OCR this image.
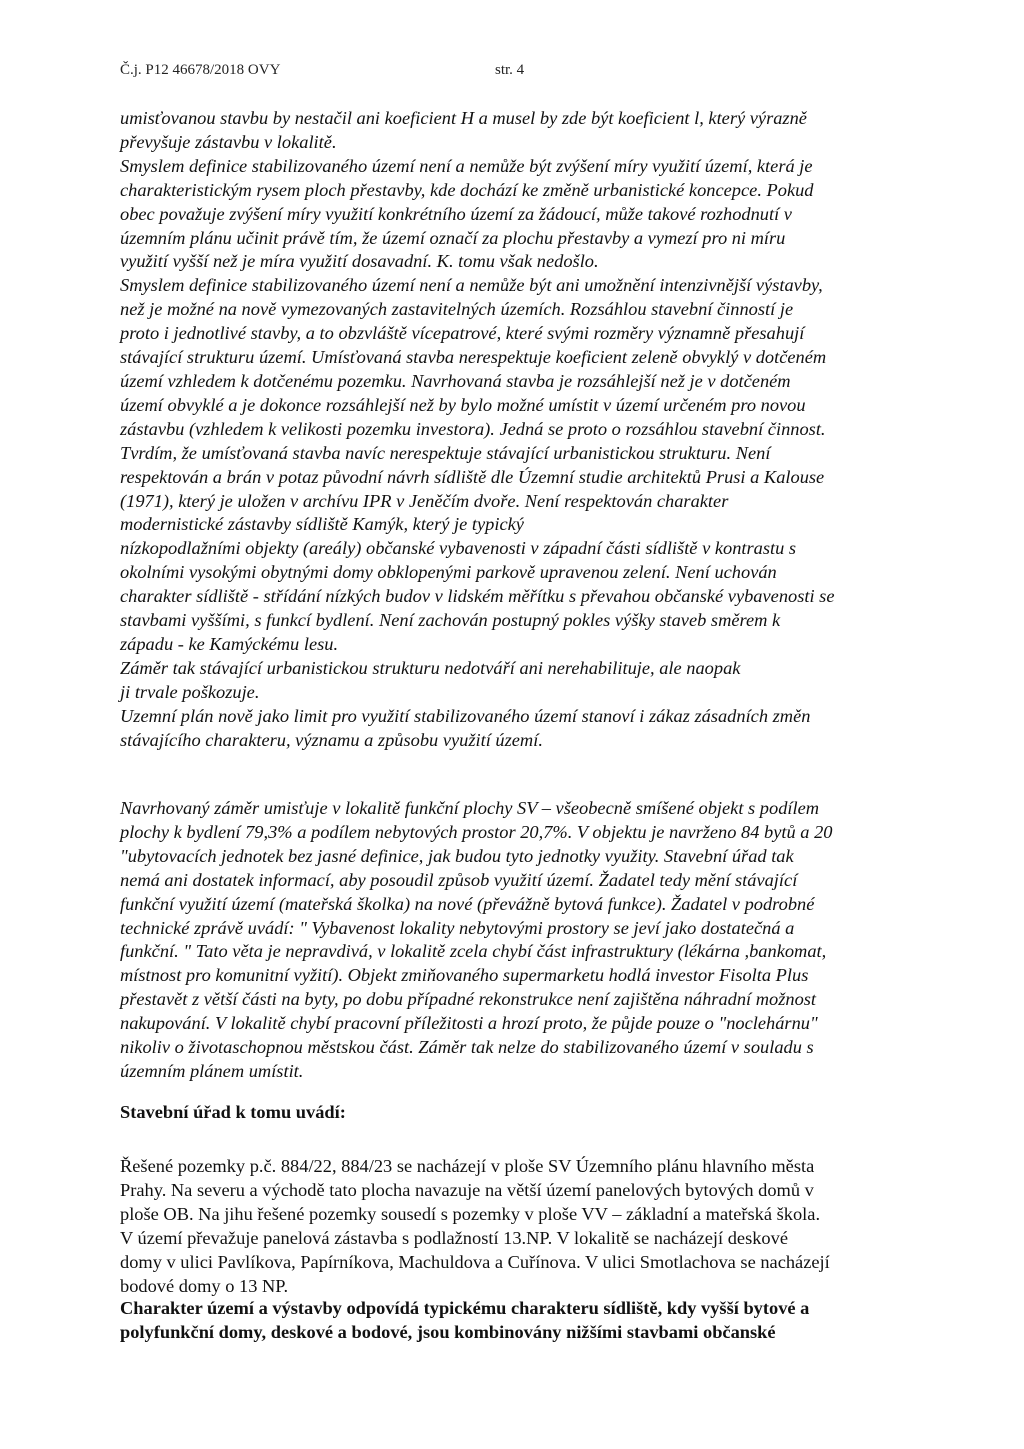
Č.j. P12 46678/2018 OVY	str. 4
umisťovanou stavbu by nestačil ani koeficient H a musel by zde být koeficient l, který výrazně
převyšuje zástavbu v lokalitě.
Smyslem definice stabilizovaného území není a nemůže být zvýšení míry využití území, která je
charakteristickým rysem ploch přestavby, kde dochází ke změně urbanistické koncepce. Pokud
obec považuje zvýšení míry využití konkrétního území za žádoucí, může takové rozhodnutí v
územním plánu učinit právě tím, že území označí za plochu přestavby a vymezí pro ni míru
využití vyšší než je míra využití dosavadní. K. tomu však nedošlo.
Smyslem definice stabilizovaného území není a nemůže být ani umožnění intenzivnější výstavby,
než je možné na nově vymezovaných zastavitelných územích. Rozsáhlou stavební činností je
proto i jednotlivé stavby, a to obzvláště vícepatrové, které svými rozměry významně přesahují
stávající strukturu území. Umísťovaná stavba nerespektuje koeficient zeleně obvyklý v dotčeném
území vzhledem k dotčenému pozemku. Navrhovaná stavba je rozsáhlejší než je v dotčeném
území obvyklé a je dokonce rozsáhlejší než by bylo možné umístit v území určeném pro novou
zástavbu (vzhledem k velikosti pozemku investora). Jedná se proto o rozsáhlou stavební činnost.
Tvrdím, že umísťovaná stavba navíc nerespektuje stávající urbanistickou strukturu. Není
respektován a brán v potaz původní návrh sídliště dle Územní studie architektů Prusi a Kalouse
(1971), který je uložen v archívu IPR v Jeněčím dvoře. Není respektován charakter
modernistické zástavby sídliště Kamýk, který je typický
nízkopodlažními objekty (areály) občanské vybavenosti v západní části sídliště v kontrastu s
okolními vysokými obytnými domy obklopenými parkově upravenou zelení. Není uchován
charakter sídliště - střídání nízkých budov v lidském měřítku s převahou občanské vybavenosti se
stavbami vyššími, s funkcí bydlení. Není zachován postupný pokles výšky staveb směrem k
západu - ke Kamýckému lesu.
Záměr tak stávající urbanistickou strukturu nedotváří ani nerehabilituje, ale naopak
ji trvale poškozuje.
Uzemní plán nově jako limit pro využití stabilizovaného území stanoví i zákaz zásadních změn
stávajícího charakteru, významu a způsobu využití území.
Navrhovaný záměr umisťuje v lokalitě funkční plochy SV – všeobecně smíšené objekt s podílem
plochy k bydlení 79,3% a podílem nebytových prostor 20,7%. V objektu je navrženo 84 bytů a 20
"ubytovacích jednotek bez jasné definice, jak budou tyto jednotky využity. Stavební úřad tak
nemá ani dostatek informací, aby posoudil způsob využití území. Žadatel tedy mění stávající
funkční využití území (mateřská školka) na nové (převážně bytová funkce). Žadatel v podrobné
technické zprávě uvádí: " Vybavenost lokality nebytovými prostory se jeví jako dostatečná a
funkční. " Tato věta je nepravdivá, v lokalitě zcela chybí část infrastruktury (lékárna ,bankomat,
místnost pro komunitní vyžití). Objekt zmiňovaného supermarketu hodlá investor Fisolta Plus
přestavět z větší části na byty, po dobu případné rekonstrukce není zajištěna náhradní možnost
nakupování. V lokalitě chybí pracovní příležitosti a hrozí proto, že půjde pouze o "noclehárnu"
nikoliv o životaschopnou městskou část. Záměr tak nelze do stabilizovaného území v souladu s
územním plánem umístit.
Stavební úřad k tomu uvádí:
Řešené pozemky p.č. 884/22, 884/23 se nacházejí v ploše SV Územního plánu hlavního města
Prahy. Na severu a východě tato plocha navazuje na větší území panelových bytových domů v
ploše OB. Na jihu řešené pozemky sousedí s pozemky v ploše VV – základní a mateřská škola.
V území převažuje panelová zástavba s podlažností 13.NP. V lokalitě se nacházejí deskové
domy v ulici Pavlíkova, Papírníkova, Machuldova a Cuřínova. V ulici Smotlachova se nacházejí
bodové domy o 13 NP.
Charakter území a výstavby odpovídá typickému charakteru sídliště, kdy vyšší bytové a
polyfunkční domy, deskové a bodové, jsou kombinovány nižšími stavbami občanské
